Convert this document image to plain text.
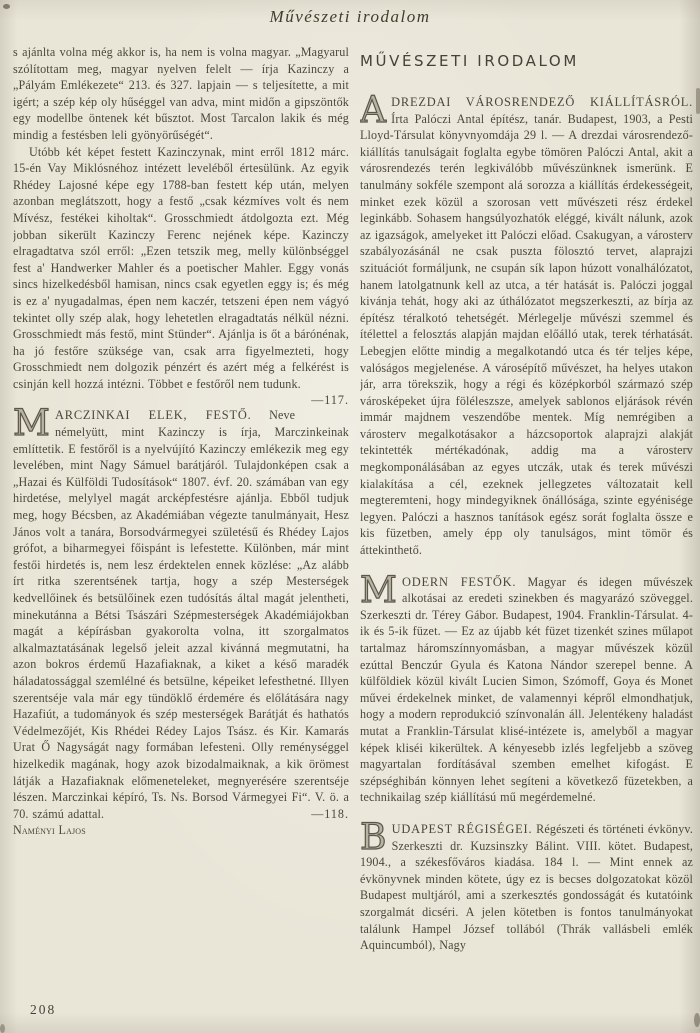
Művészeti irodalom

s ajánlta volna még akkor is, ha nem is volna magyar. „Magyarul szólítottam meg, magyar nyelven felelt — írja Kazinczy a „Pályám Emlékezete“ 213. és 327. lapjain — s teljesítette, a mit igért; a szép kép oly hűséggel van adva, mint midőn a gipszöntők egy modellbe öntenek két bűsztot. Most Tarcalon lakik és még mindig a festésben leli gyönyörűségét“.

Utóbb két képet festett Kazinczynak, mint erről 1812 márc. 15-én Vay Miklósnéhoz intézett leveléből értesülünk. Az egyik Rhédey Lajosné képe egy 1788-ban festett kép után, melyen azonban meglátszott, hogy a festő „csak kézmíves volt és nem Mívész, festékei kiholtak“. Grosschmiedt átdolgozta ezt. Még jobban sikerült Kazinczy Ferenc nejének képe. Kazinczy elragadtatva szól erről: „Ezen tetszik meg, melly különbséggel fest a' Handwerker Mahler és a poetischer Mahler. Eggy vonás sincs hizelkedésből hamisan, nincs csak egyetlen eggy is; és még is ez a' nyugadalmas, épen nem kaczér, tetszeni épen nem vágyó tekintet olly szép alak, hogy lehetetlen elragadtatás nélkül nézni. Grosschmiedt más festő, mint Stünder“. Ajánlja is őt a bárónénak, ha jó festőre szüksége van, csak arra figyelmezteti, hogy Grosschmiedt nem dolgozik pénzért és azért még a felkérést is csinján kell hozzá intézni. Többet e festőről nem tudunk.
—117.

M ARCZINKAI ELEK, FESTŐ. Neve némelyütt, mint Kazinczy is írja, Marczinkeinak említtetik. E festőről is a nyelvújító Kazinczy emlékezik meg egy levelében, mint Nagy Sámuel barátjáról. Tulajdonképen csak a „Hazai és Külföldi Tudosítások“ 1807. évf. 20. számában van egy hirdetése, melylyel magát arcképfestésre ajánlja. Ebből tudjuk meg, hogy Bécsben, az Akadémiában végezte tanulmányait, Hesz János volt a tanára, Borsodvármegyei születésű és Rhédey Lajos grófot, a biharmegyei főispánt is lefestette. Különben, már mint festői hirdetés is, nem lesz érdektelen ennek közlése: „Az alább írt ritka szerentsének tartja, hogy a szép Mesterségek kedvellőinek és betsülőinek ezen tudósítás által magát jelentheti, minekutánna a Bétsi Tsászári Szépmesterségek Akadémiájokban magát a képírásban gyakorolta volna, itt szorgalmatos alkalmaztatásának legelső jeleit azzal kivánná megmutatni, ha azon bokros érdemű Hazafiaknak, a kiket a késő maradék háladatossággal szemlélné és betsülne, képeiket lefesthetné. Illyen szerentséje vala már egy tündöklő érdemére és előlátására nagy Hazafiút, a tudományok és szép mesterségek Barátját és hathatós Védelmezőjét, Kis Rhédei Rédey Lajos Tsász. és Kir. Kamarás Urat Ő Nagyságát nagy formában lefesteni. Olly reménységgel hizelkedik magának, hogy azok bizodalmaiknak, a kik örömest látják a Hazafiaknak előmeneteleket, megnyerésére szerentséje lészen. Marczinkai képíró, Ts. Ns. Borsod Vármegyei Fi“. V. ö. a 70. számú adattal.	—118.

Naményi Lajos

MŰVÉSZETI IRODALOM

A DREZDAI VÁROSRENDEZŐ KIÁLLÍTÁSRÓL. Írta Palóczi Antal építész, tanár. Budapest, 1903, a Pesti Lloyd-Társulat könyvnyomdája 29 l. — A drezdai városrendező-kiállítás tanulságait foglalta egybe tömören Palóczi Antal, akit a városrendezés terén legkiválóbb művészünknek ismerünk. E tanulmány sokféle szempont alá sorozza a kiállítás érdekességeit, minket ezek közül a szorosan vett művészeti rész érdekel leginkább. Sohasem hangsúlyozhatók eléggé, kivált nálunk, azok az igazságok, amelyeket itt Palóczi előad. Csakugyan, a városterv szabályozásánál ne csak puszta fölosztó tervet, alaprajzi szituációt formáljunk, ne csupán sík lapon húzott vonalhálózatot, hanem latolgatnunk kell az utca, a tér hatását is. Palóczi joggal kivánja tehát, hogy aki az úthálózatot megszerkeszti, az bírja az építész téralkotó tehetségét. Mérlegelje művészi szemmel és ítélettel a felosztás alapján majdan előálló utak, terek térhatását. Lebegjen előtte mindig a megalkotandó utca és tér teljes képe, valóságos megjelenése. A városépítő művészet, ha helyes utakon jár, arra törekszik, hogy a régi és középkorból származó szép városképeket újra föléleszsze, amelyek sablonos eljárások révén immár majdnem veszendőbe mentek. Míg nemrégiben a városterv megalkotásakor a házcsoportok alaprajzi alakját tekintették mértékadónak, addig ma a városterv megkomponálásában az egyes utczák, utak és terek művészi kialakítása a cél, ezeknek jellegzetes változatait kell megteremteni, hogy mindegyiknek önállósága, szinte egyénisége legyen. Palóczi a hasznos tanítások egész sorát foglalta össze e kis füzetben, amely épp oly tanulságos, mint tömör és áttekinthető.

M ODERN FESTŐK. Magyar és idegen művészek alkotásai az eredeti szinekben és magyarázó szöveggel. Szerkeszti dr. Térey Gábor. Budapest, 1904. Franklin-Társulat. 4-ik és 5-ik füzet. — Ez az újabb két füzet tizenkét szines műlapot tartalmaz háromszínnyomásban, a magyar művészek közül ezúttal Benczúr Gyula és Katona Nándor szerepel benne. A külföldiek közül kivált Lucien Simon, Szómoff, Goya és Monet művei érdekelnek minket, de valamennyi képről elmondhatjuk, hogy a modern reprodukció színvonalán áll. Jelentékeny haladást mutat a Franklin-Társulat klisé-intézete is, amelyből a magyar képek kliséi kikerültek. A kényesebb izlés legfeljebb a szöveg magyartalan fordításával szemben emelhet kifogást. E szépséghibán könnyen lehet segíteni a következő füzetekben, a technikailag szép kiállítású mű megérdemelné.

B UDAPEST RÉGISÉGEI. Régészeti és történeti évkönyv. Szerkeszti dr. Kuzsinszky Bálint. VIII. kötet. Budapest, 1904., a székesfőváros kiadása. 184 l. — Mint ennek az évkönyvnek minden kötete, úgy ez is becses dolgozatokat közöl Budapest multjáról, ami a szerkesztés gondosságát és kutatóink szorgalmát dicséri. A jelen kötetben is fontos tanulmányokat találunk Hampel József tollából (Thrák vallásbeli emlék Aquincumból), Nagy

208
